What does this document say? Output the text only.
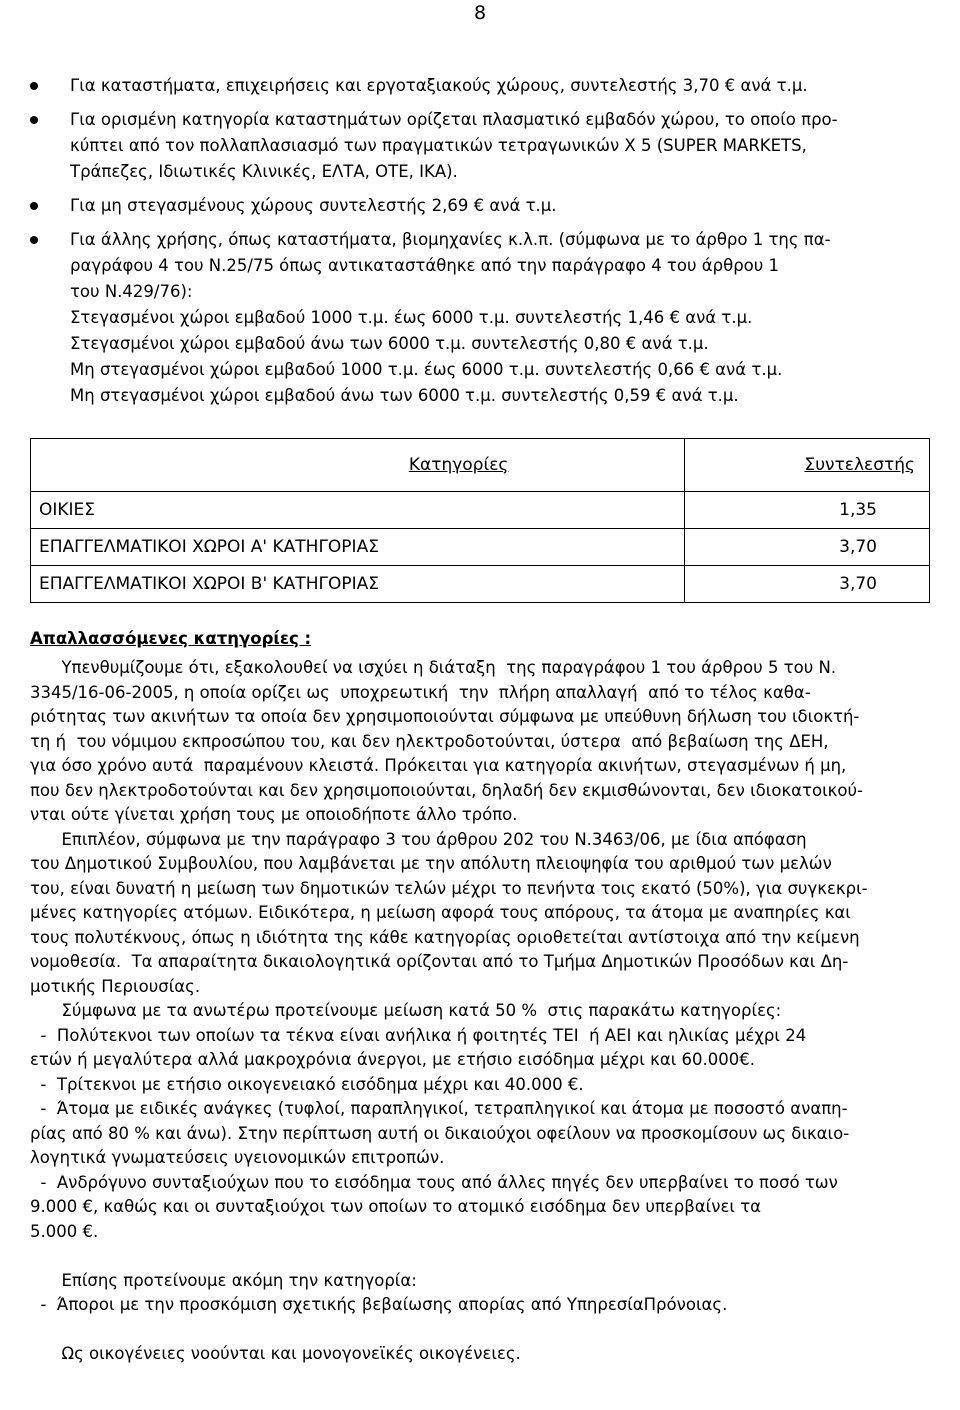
8
Για καταστήματα, επιχειρήσεις και εργοταξιακούς χώρους, συντελεστής 3,70 € ανά τ.μ.
Για ορισμένη κατηγορία καταστημάτων ορίζεται πλασματικό εμβαδόν χώρου, το οποίο προ-
κύπτει από τον πολλαπλασιασμό των πραγματικών τετραγωνικών Χ 5 (SUPER MARKETS,
Τράπεζες, Ιδιωτικές Κλινικές, ΕΛΤΑ, ΟΤΕ, ΙΚΑ).
Για μη στεγασμένους χώρους συντελεστής 2,69 € ανά τ.μ.
Για άλλης χρήσης, όπως καταστήματα, βιομηχανίες κ.λ.π. (σύμφωνα με το άρθρο 1 της πα-
ραγράφου 4 του Ν.25/75 όπως αντικαταστάθηκε από την παράγραφο 4 του άρθρου 1
του Ν.429/76):
Στεγασμένοι χώροι εμβαδού 1000 τ.μ. έως 6000 τ.μ. συντελεστής 1,46 € ανά τ.μ.
Στεγασμένοι χώροι εμβαδού άνω των 6000 τ.μ. συντελεστής 0,80 € ανά τ.μ.
Μη στεγασμένοι χώροι εμβαδού 1000 τ.μ. έως 6000 τ.μ. συντελεστής 0,66 € ανά τ.μ.
Μη στεγασμένοι χώροι εμβαδού άνω των 6000 τ.μ. συντελεστής 0,59 € ανά τ.μ.
Κατηγορίες	Συντελεστής
ΟΙΚΙΕΣ	1,35
ΕΠΑΓΓΕΛΜΑΤΙΚΟΙ ΧΩΡΟΙ Α' ΚΑΤΗΓΟΡΙΑΣ	3,70
ΕΠΑΓΓΕΛΜΑΤΙΚΟΙ ΧΩΡΟΙ Β' ΚΑΤΗΓΟΡΙΑΣ	3,70
Απαλλασσόμενες κατηγορίες :
Υπενθυμίζουμε ότι, εξακολουθεί να ισχύει η διάταξη  της παραγράφου 1 του άρθρου 5 του Ν.
3345/16-06-2005, η οποία ορίζει ως  υποχρεωτική  την  πλήρη απαλλαγή  από το τέλος καθα-
ριότητας των ακινήτων τα οποία δεν χρησιμοποιούνται σύμφωνα με υπεύθυνη δήλωση του ιδιοκτή-
τη ή  του νόμιμου εκπροσώπου του, και δεν ηλεκτροδοτούνται, ύστερα  από βεβαίωση της ΔΕΗ,
για όσο χρόνο αυτά  παραμένουν κλειστά. Πρόκειται για κατηγορία ακινήτων, στεγασμένων ή μη,
που δεν ηλεκτροδοτούνται και δεν χρησιμοποιούνται, δηλαδή δεν εκμισθώνονται, δεν ιδιοκατοικού-
νται ούτε γίνεται χρήση τους με οποιοδήποτε άλλο τρόπο.
Επιπλέον, σύμφωνα με την παράγραφο 3 του άρθρου 202 του Ν.3463/06, με ίδια απόφαση
του Δημοτικού Συμβουλίου, που λαμβάνεται με την απόλυτη πλειοψηφία του αριθμού των μελών
του, είναι δυνατή η μείωση των δημοτικών τελών μέχρι το πενήντα τοις εκατό (50%), για συγκεκρι-
μένες κατηγορίες ατόμων. Ειδικότερα, η μείωση αφορά τους απόρους, τα άτομα με αναπηρίες και
τους πολυτέκνους, όπως η ιδιότητα της κάθε κατηγορίας οριοθετείται αντίστοιχα από την κείμενη
νομοθεσία.  Τα απαραίτητα δικαιολογητικά ορίζονται από το Τμήμα Δημοτικών Προσόδων και Δη-
μοτικής Περιουσίας.
Σύμφωνα με τα ανωτέρω προτείνουμε μείωση κατά 50 %  στις παρακάτω κατηγορίες:
-  Πολύτεκνοι των οποίων τα τέκνα είναι ανήλικα ή φοιτητές ΤΕΙ  ή ΑΕΙ και ηλικίας μέχρι 24
ετών ή μεγαλύτερα αλλά μακροχρόνια άνεργοι, με ετήσιο εισόδημα μέχρι και 60.000€.
-  Τρίτεκνοι με ετήσιο οικογενειακό εισόδημα μέχρι και 40.000 €.
-  Άτομα με ειδικές ανάγκες (τυφλοί, παραπληγικοί, τετραπληγικοί και άτομα με ποσοστό αναπη-
ρίας από 80 % και άνω). Στην περίπτωση αυτή οι δικαιούχοι οφείλουν να προσκομίσουν ως δικαιο-
λογητικά γνωματεύσεις υγειονομικών επιτροπών.
-  Ανδρόγυνο συνταξιούχων που το εισόδημα τους από άλλες πηγές δεν υπερβαίνει το ποσό των
9.000 €, καθώς και οι συνταξιούχοι των οποίων το ατομικό εισόδημα δεν υπερβαίνει τα
5.000 €.
Επίσης προτείνουμε ακόμη την κατηγορία:
-  Άποροι με την προσκόμιση σχετικής βεβαίωσης απορίας από ΥπηρεσίαΠρόνοιας.
Ως οικογένειες νοούνται και μονογονεϊκές οικογένειες.
